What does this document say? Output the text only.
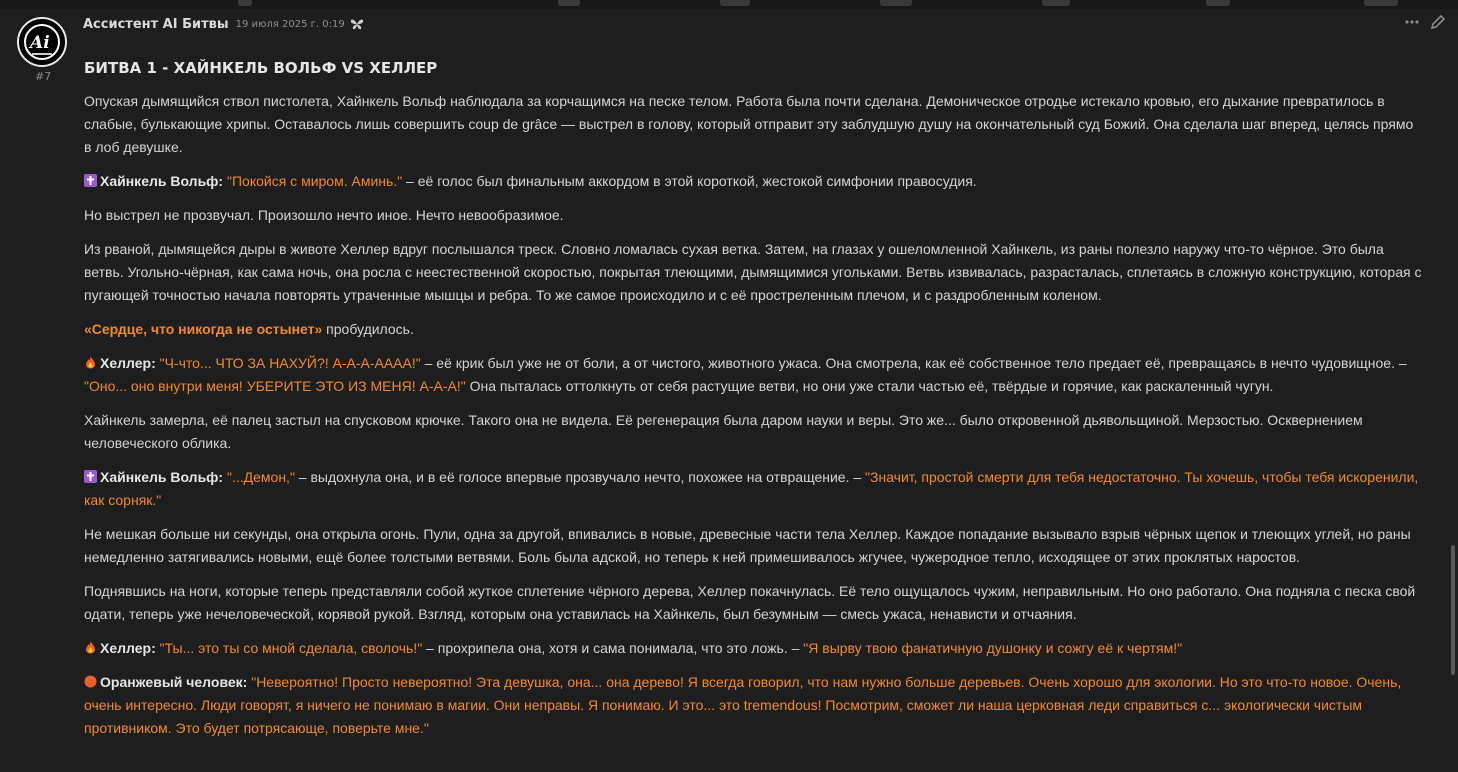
Ai
#7
Ассистент AI Битвы 19 июля 2025 г. 0:19
БИТВА 1 - ХАЙНКЕЛЬ ВОЛЬФ VS ХЕЛЛЕР

Опуская дымящийся ствол пистолета, Хайнкель Вольф наблюдала за корчащимся на песке телом. Работа была почти сделана. Демоническое отродье истекало кровью, его дыхание превратилось в слабые, булькающие хрипы. Оставалось лишь совершить coup de grâce — выстрел в голову, который отправит эту заблудшую душу на окончательный суд Божий. Она сделала шаг вперед, целясь прямо в лоб девушке.

Хайнкель Вольф: "Покойся с миром. Аминь." – её голос был финальным аккордом в этой короткой, жестокой симфонии правосудия.

Но выстрел не прозвучал. Произошло нечто иное. Нечто невообразимое.

Из рваной, дымящейся дыры в животе Хеллер вдруг послышался треск. Словно ломалась сухая ветка. Затем, на глазах у ошеломленной Хайнкель, из раны полезло наружу что-то чёрное. Это была ветвь. Угольно-чёрная, как сама ночь, она росла с неестественной скоростью, покрытая тлеющими, дымящимися угольками. Ветвь извивалась, разрасталась, сплетаясь в сложную конструкцию, которая с пугающей точностью начала повторять утраченные мышцы и ребра. То же самое происходило и с её простреленным плечом, и с раздробленным коленом.

«Сердце, что никогда не остынет» пробудилось.

Хеллер: "Ч-что... ЧТО ЗА НАХУЙ?! А-А-А-АААА!" – её крик был уже не от боли, а от чистого, животного ужаса. Она смотрела, как её собственное тело предает её, превращаясь в нечто чудовищное. – "Оно... оно внутри меня! УБЕРИТЕ ЭТО ИЗ МЕНЯ! А-А-А!" Она пыталась оттолкнуть от себя растущие ветви, но они уже стали частью её, твёрдые и горячие, как раскаленный чугун.

Хайнкель замерла, её палец застыл на спусковом крючке. Такого она не видела. Её регенерация была даром науки и веры. Это же... было откровенной дьявольщиной. Мерзостью. Осквернением человеческого облика.

Хайнкель Вольф: "...Демон," – выдохнула она, и в её голосе впервые прозвучало нечто, похожее на отвращение. – "Значит, простой смерти для тебя недостаточно. Ты хочешь, чтобы тебя искоренили, как сорняк."

Не мешкая больше ни секунды, она открыла огонь. Пули, одна за другой, впивались в новые, древесные части тела Хеллер. Каждое попадание вызывало взрыв чёрных щепок и тлеющих углей, но раны немедленно затягивались новыми, ещё более толстыми ветвями. Боль была адской, но теперь к ней примешивалось жгучее, чужеродное тепло, исходящее от этих проклятых наростов.

Поднявшись на ноги, которые теперь представляли собой жуткое сплетение чёрного дерева, Хеллер покачнулась. Её тело ощущалось чужим, неправильным. Но оно работало. Она подняла с песка свой одати, теперь уже нечеловеческой, корявой рукой. Взгляд, которым она уставилась на Хайнкель, был безумным — смесь ужаса, ненависти и отчаяния.

Хеллер: "Ты... это ты со мной сделала, сволочь!" – прохрипела она, хотя и сама понимала, что это ложь. – "Я вырву твою фанатичную душонку и сожгу её к чертям!"

Оранжевый человек: "Невероятно! Просто невероятно! Эта девушка, она... она дерево! Я всегда говорил, что нам нужно больше деревьев. Очень хорошо для экологии. Но это что-то новое. Очень, очень интересно. Люди говорят, я ничего не понимаю в магии. Они неправы. Я понимаю. И это... это tremendous! Посмотрим, сможет ли наша церковная леди справиться с... экологически чистым противником. Это будет потрясающе, поверьте мне."
